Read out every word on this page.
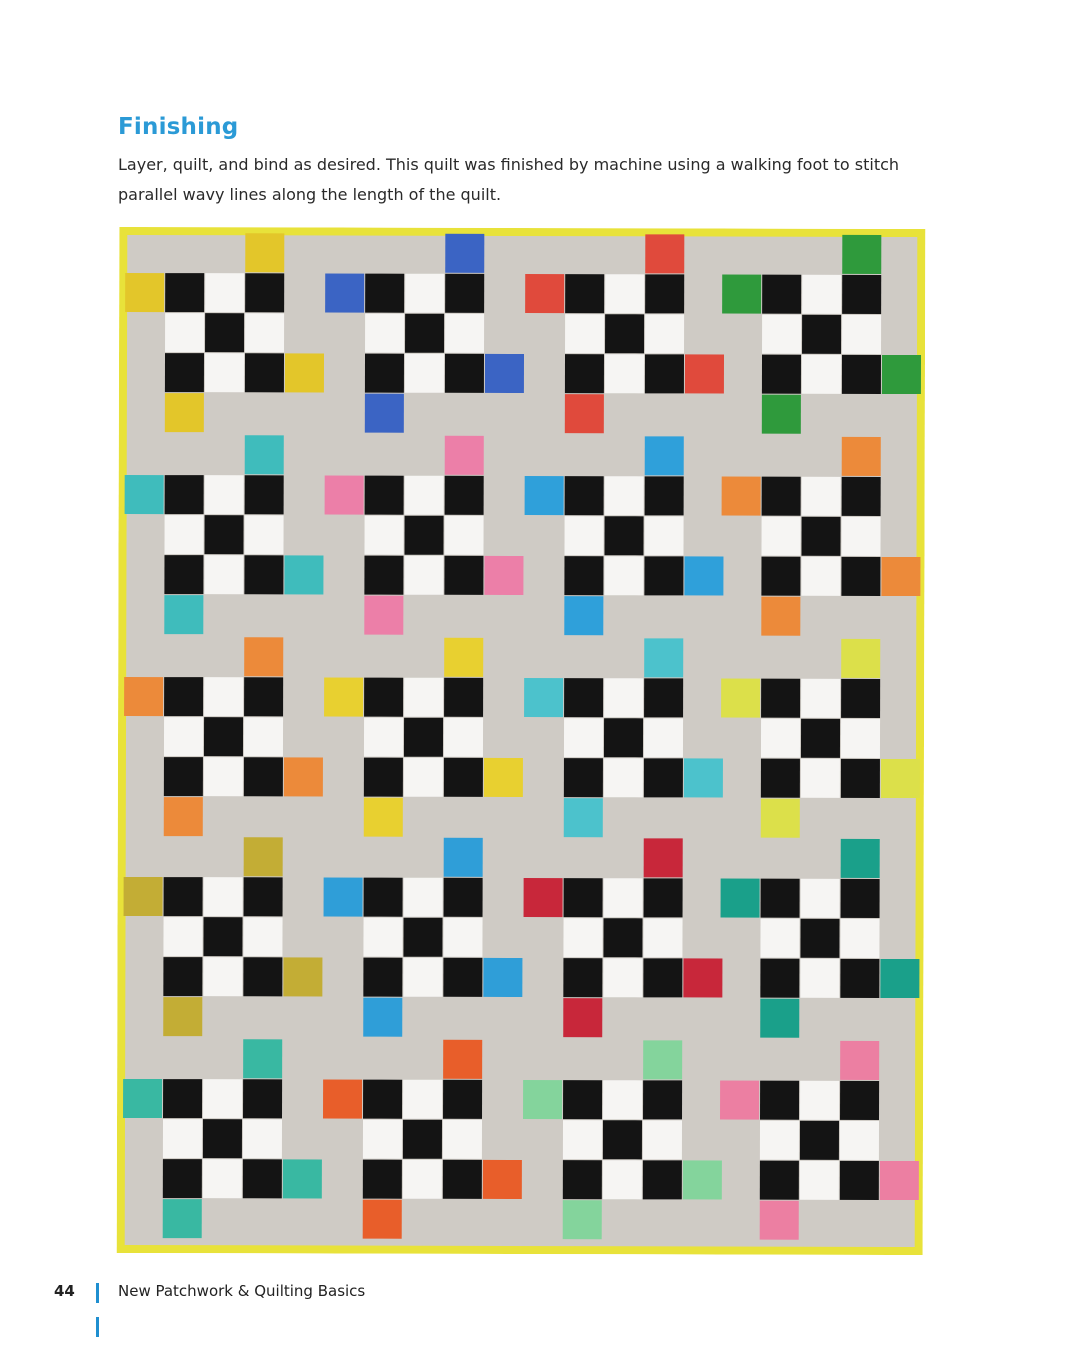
Finishing

Layer, quilt, and bind as desired. This quilt was finished by machine using a walking foot to stitch parallel wavy lines along the length of the quilt.

44	New Patchwork & Quilting Basics
